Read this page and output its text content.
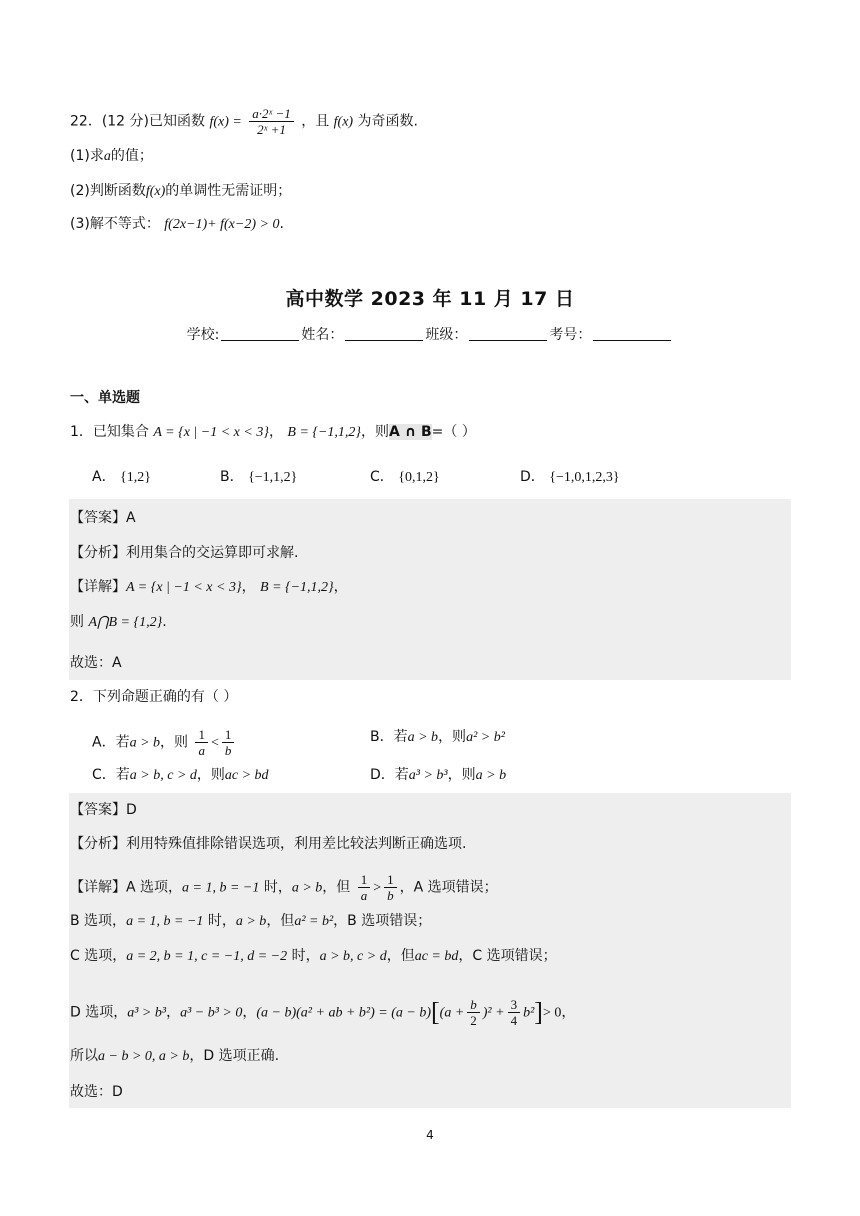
22．(12 分)已知函数 $f(x) = \frac{\text{a·2ˣ −1}}{\text{2ˣ +1}}$ ，且 f(x) 为奇函数.
(1)求a的值；
(2)判断函数f(x)的单调性无需证明；
(3)解不等式： f(2x−1)+ f(x−2) > 0.
高中数学 2023 年 11 月 17 日
学校:	姓名：	班级：	考号：
一、单选题
1．已知集合 A = {x | −1 < x < 3}， B = {−1,1,2}，则A ∩ B=（ ）
A． {1,2}	B． {−1,1,2}	C． {0,1,2}	D． {−1,0,1,2,3}
【答案】A
【分析】利用集合的交运算即可求解.
【详解】A = {x | −1 < x < 3}， B = {−1,1,2}，
则 A⋂B = {1,2}.
故选：A
2．下列命题正确的有（ ）
A．若a > b，则 $\frac{1}{a} < \frac{1}{b}$	B．若a > b，则a² > b²
C．若a > b, c > d，则ac > bd	D．若a³ > b³，则a > b
【答案】D
【分析】利用特殊值排除错误选项，利用差比较法判断正确选项.
【详解】A 选项，a = 1, b = −1 时，a > b，但 $\frac{1}{a} > \frac{1}{b}$ ，A 选项错误；
B 选项，a = 1, b = −1 时，a > b，但a² = b²，B 选项错误；
C 选项，a = 2, b = 1, c = −1, d = −2 时，a > b, c > d，但ac = bd，C 选项错误；
D 选项，a³ > b³，a³ − b³ > 0，(a − b)(a² + ab + $b^2) = (a - b)[(a + \frac{b}{2} )^2 + \frac{3}{4} b^2]> 0$，
所以a − b > 0, a > b，D 选项正确.
故选：D
4
